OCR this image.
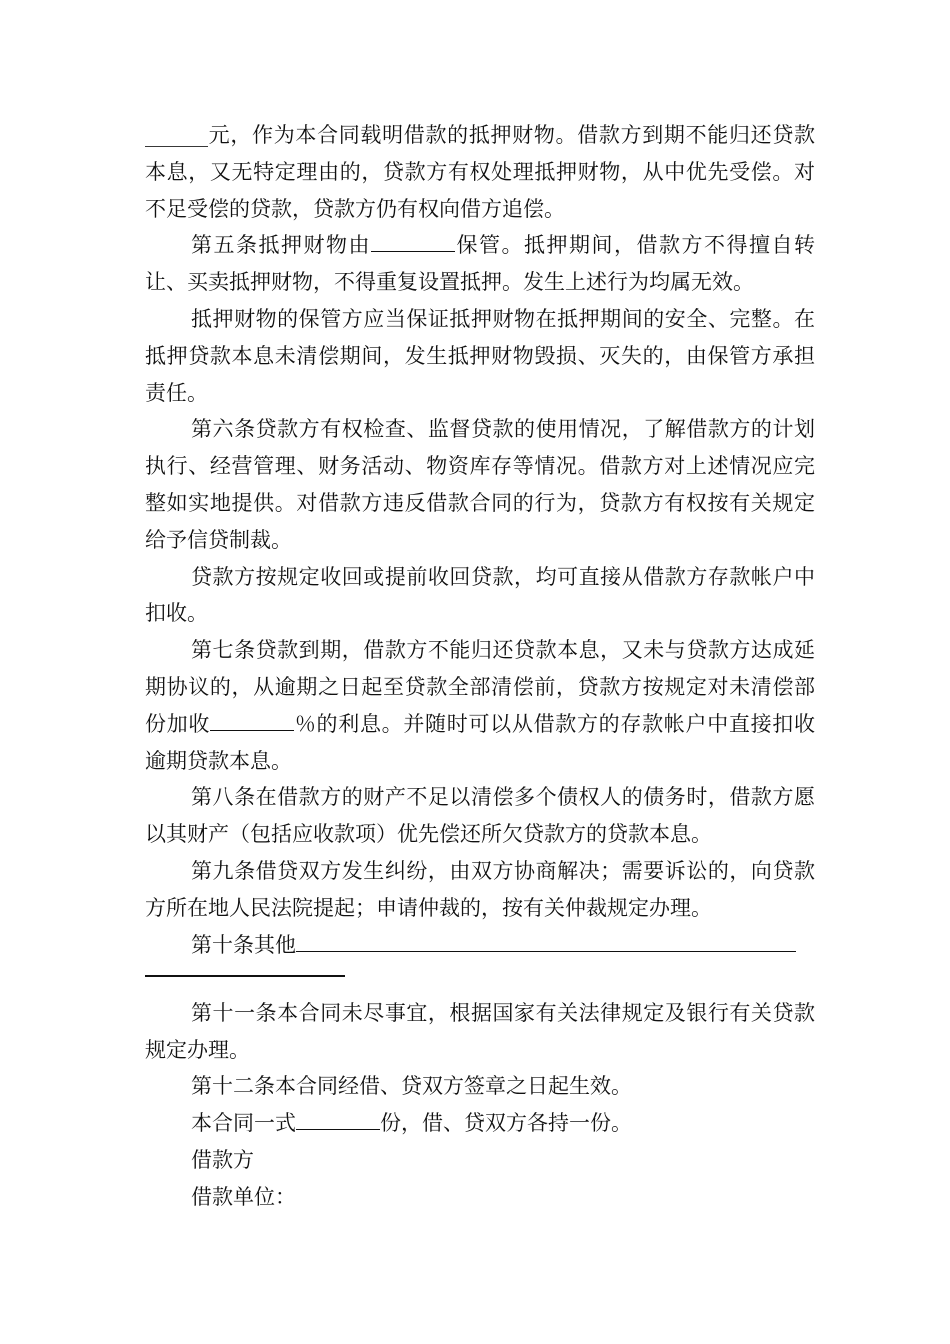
______元，作为本合同载明借款的抵押财物。借款方到期不能归还贷款本息，又无特定理由的，贷款方有权处理抵押财物，从中优先受偿。对不足受偿的贷款，贷款方仍有权向借方追偿。

第五条抵押财物由	保管。抵押期间，借款方不得擅自转让、买卖抵押财物，不得重复设置抵押。发生上述行为均属无效。

抵押财物的保管方应当保证抵押财物在抵押期间的安全、完整。在抵押贷款本息未清偿期间，发生抵押财物毁损、灭失的，由保管方承担责任。

第六条贷款方有权检查、监督贷款的使用情况，了解借款方的计划执行、经营管理、财务活动、物资库存等情况。借款方对上述情况应完整如实地提供。对借款方违反借款合同的行为，贷款方有权按有关规定给予信贷制裁。

贷款方按规定收回或提前收回贷款，均可直接从借款方存款帐户中扣收。

第七条贷款到期，借款方不能归还贷款本息，又未与贷款方达成延期协议的，从逾期之日起至贷款全部清偿前，贷款方按规定对未清偿部份加收	％的利息。并随时可以从借款方的存款帐户中直接扣收逾期贷款本息。

第八条在借款方的财产不足以清偿多个债权人的债务时，借款方愿以其财产（包括应收款项）优先偿还所欠贷款方的贷款本息。

第九条借贷双方发生纠纷，由双方协商解决；需要诉讼的，向贷款方所在地人民法院提起；申请仲裁的，按有关仲裁规定办理。

第十条其他

第十一条本合同未尽事宜，根据国家有关法律规定及银行有关贷款规定办理。

第十二条本合同经借、贷双方签章之日起生效。

本合同一式	份，借、贷双方各持一份。

借款方

借款单位：
